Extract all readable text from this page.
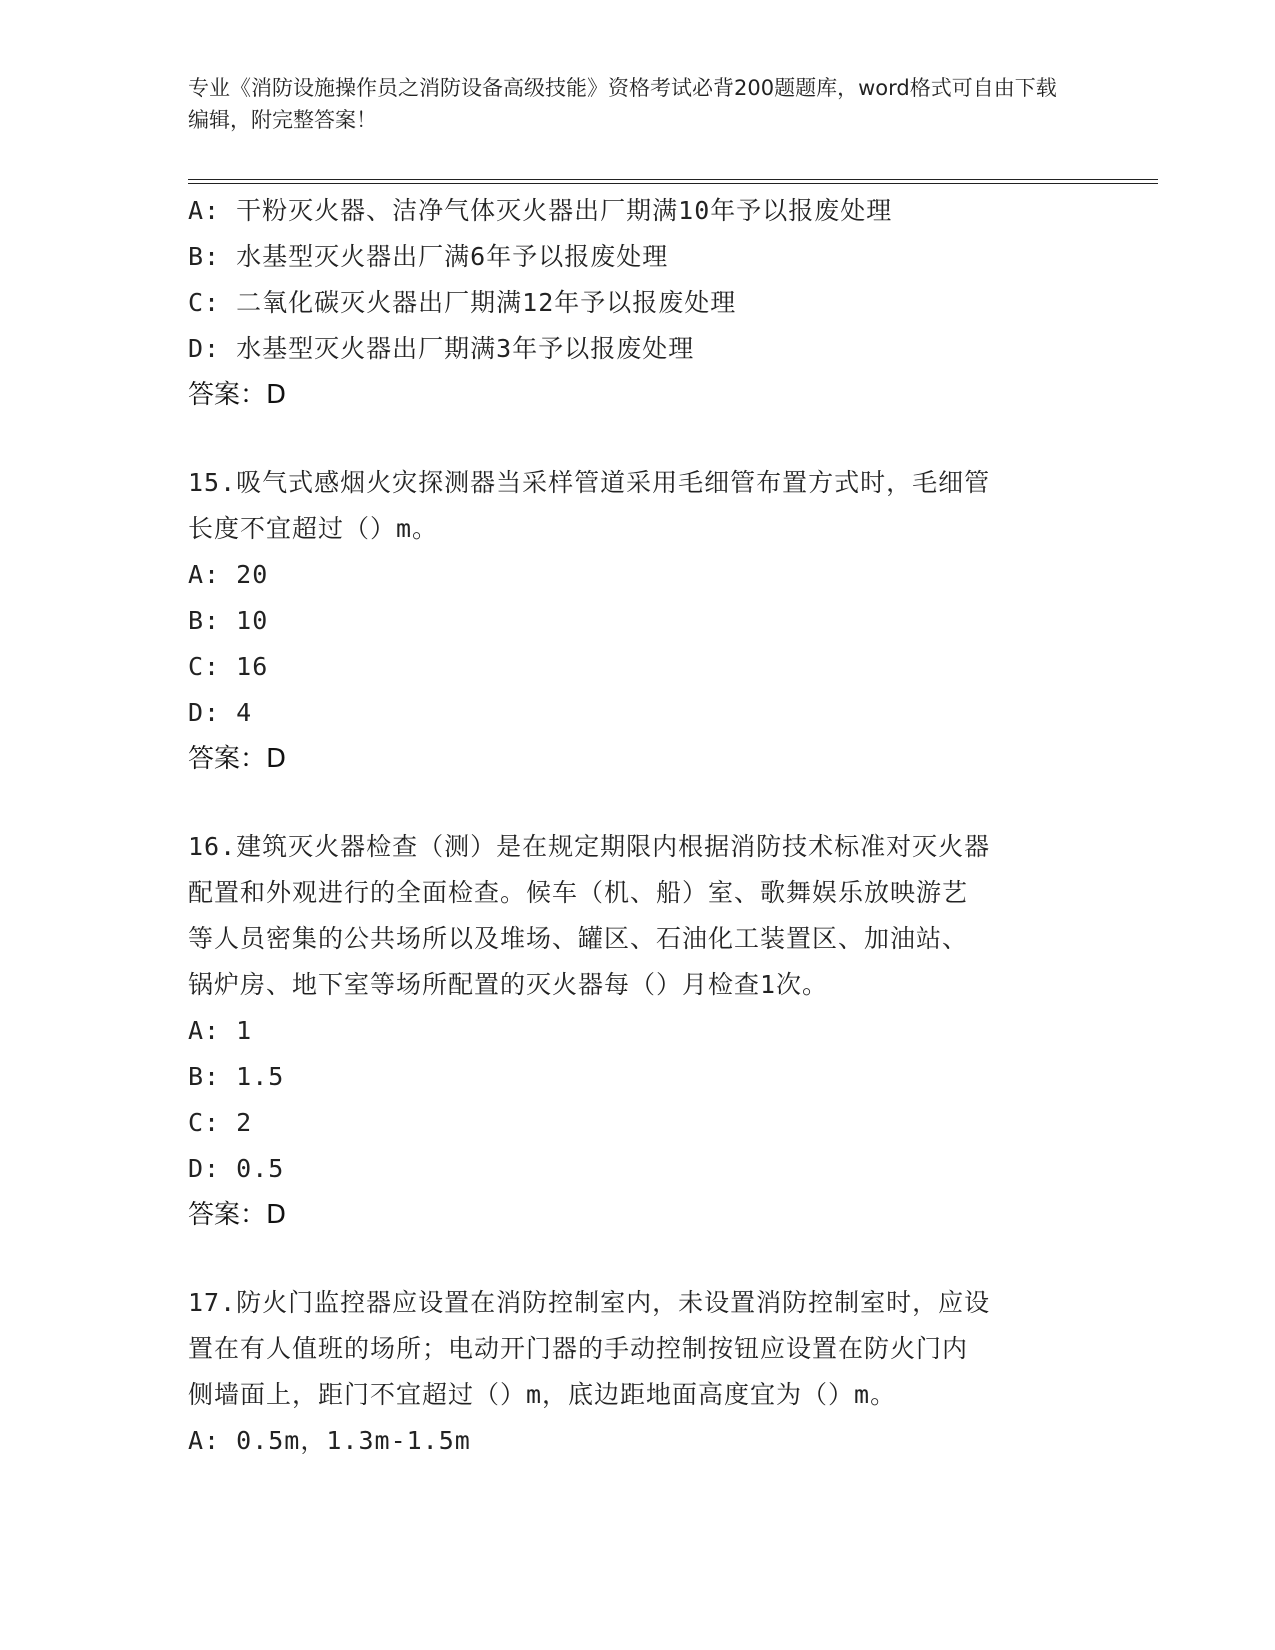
专业《消防设施操作员之消防设备高级技能》资格考试必背200题题库，word格式可自由下载编辑，附完整答案！
A: 干粉灭火器、洁净气体灭火器出厂期满10年予以报废处理
B: 水基型灭火器出厂满6年予以报废处理
C: 二氧化碳灭火器出厂期满12年予以报废处理
D: 水基型灭火器出厂期满3年予以报废处理
答案：D
15.吸气式感烟火灾探测器当采样管道采用毛细管布置方式时，毛细管
长度不宜超过（）m。
A: 20
B: 10
C: 16
D: 4
答案：D
16.建筑灭火器检查（测）是在规定期限内根据消防技术标准对灭火器
配置和外观进行的全面检查。候车（机、船）室、歌舞娱乐放映游艺
等人员密集的公共场所以及堆场、罐区、石油化工装置区、加油站、
锅炉房、地下室等场所配置的灭火器每（）月检查1次。
A: 1
B: 1.5
C: 2
D: 0.5
答案：D
17.防火门监控器应设置在消防控制室内，未设置消防控制室时，应设
置在有人值班的场所；电动开门器的手动控制按钮应设置在防火门内
侧墙面上，距门不宜超过（）m，底边距地面高度宜为（）m。
A: 0.5m，1.3m-1.5m
